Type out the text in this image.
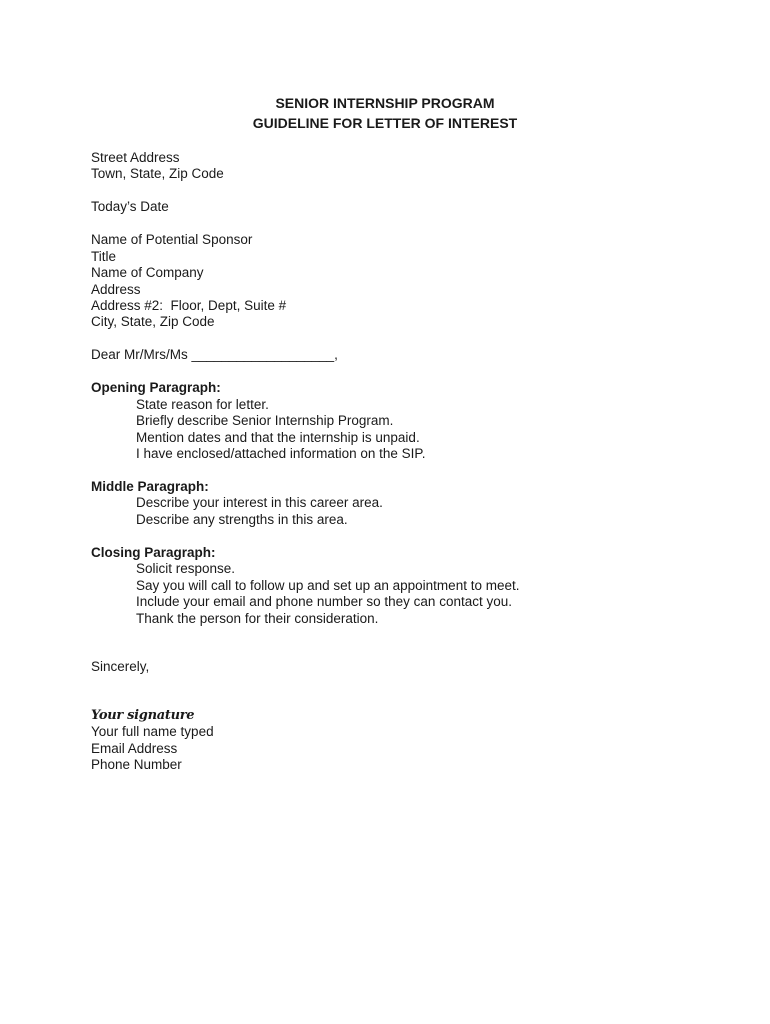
SENIOR INTERNSHIP PROGRAM
GUIDELINE FOR LETTER OF INTEREST
Street Address
Town, State, Zip Code
Today’s Date
Name of Potential Sponsor
Title
Name of Company
Address
Address #2:  Floor, Dept, Suite #
City, State, Zip Code
Dear Mr/Mrs/Ms ___________________,
Opening Paragraph:
State reason for letter.
Briefly describe Senior Internship Program.
Mention dates and that the internship is unpaid.
I have enclosed/attached information on the SIP.
Middle Paragraph:
Describe your interest in this career area.
Describe any strengths in this area.
Closing Paragraph:
Solicit response.
Say you will call to follow up and set up an appointment to meet.
Include your email and phone number so they can contact you.
Thank the person for their consideration.
Sincerely,
Your signature
Your full name typed
Email Address
Phone Number
